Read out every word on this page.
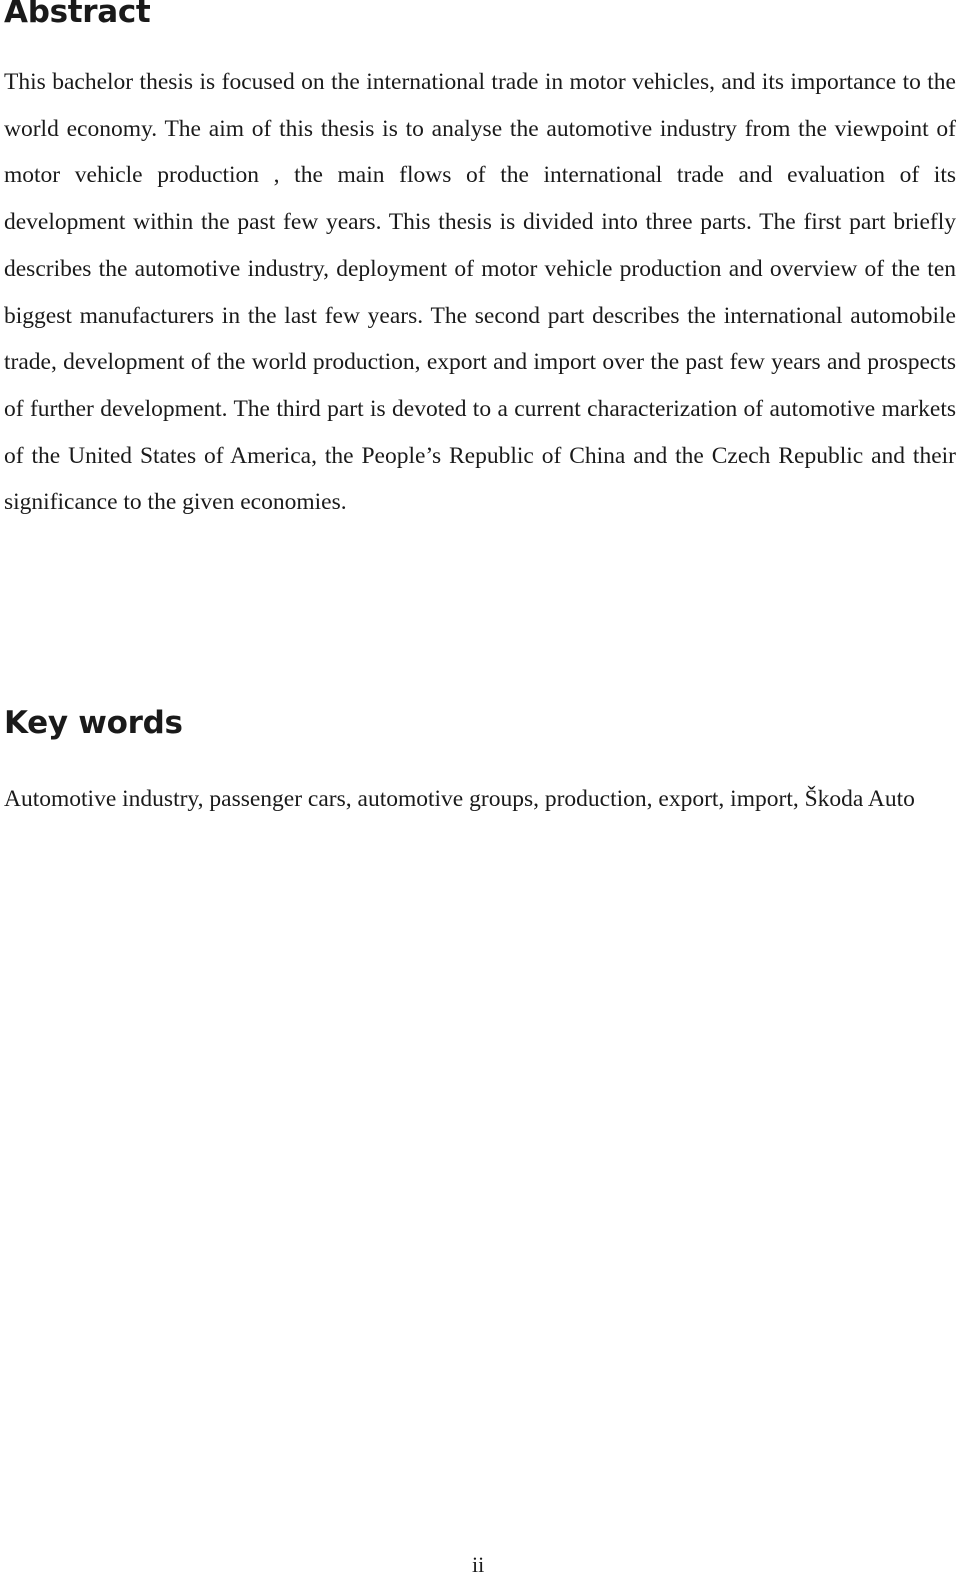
Abstract

This bachelor thesis is focused on the international trade in motor vehicles, and its importance to the world economy. The aim of this thesis is to analyse the automotive industry from the viewpoint of motor vehicle production , the main flows of the international trade and evaluation of its development within the past few years. This thesis is divided into three parts. The first part briefly describes the automotive industry, deployment of motor vehicle production and overview of the ten biggest manufacturers in the last few years. The second part describes the international automobile trade, development of the world production, export and import over the past few years and prospects of further development. The third part is devoted to a current characterization of automotive markets of the United States of America, the People’s Republic of China and the Czech Republic and their significance to the given economies.

Key words

Automotive industry, passenger cars, automotive groups, production, export, import, Škoda Auto

ii
